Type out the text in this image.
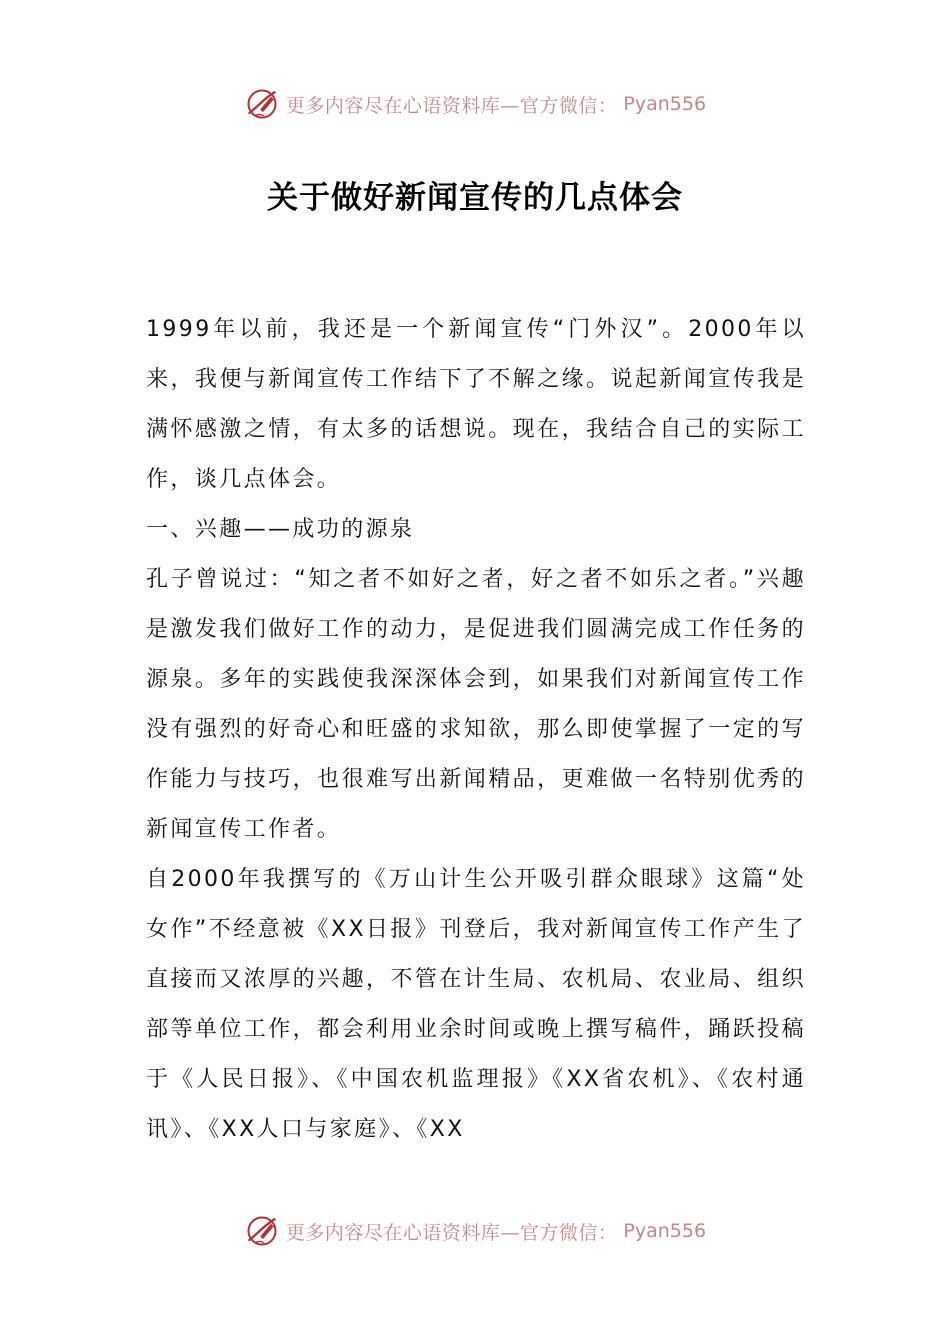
更多内容尽在心语资料库—官方微信： Pyan556
关于做好新闻宣传的几点体会

1999年以前，我还是一个新闻宣传“门外汉”。2000年以来，我便与新闻宣传工作结下了不解之缘。说起新闻宣传我是满怀感激之情，有太多的话想说。现在，我结合自己的实际工作，谈几点体会。

一、兴趣——成功的源泉

孔子曾说过：“知之者不如好之者，好之者不如乐之者。”兴趣是激发我们做好工作的动力，是促进我们圆满完成工作任务的源泉。多年的实践使我深深体会到，如果我们对新闻宣传工作没有强烈的好奇心和旺盛的求知欲，那么即使掌握了一定的写作能力与技巧，也很难写出新闻精品，更难做一名特别优秀的新闻宣传工作者。

自2000年我撰写的《万山计生公开吸引群众眼球》这篇“处女作”不经意被《XX日报》刊登后，我对新闻宣传工作产生了直接而又浓厚的兴趣，不管在计生局、农机局、农业局、组织部等单位工作，都会利用业余时间或晚上撰写稿件，踊跃投稿于《人民日报》、《中国农机监理报》《XX省农机》、《农村通讯》、《XX人口与家庭》、《XX

更多内容尽在心语资料库—官方微信： Pyan556
